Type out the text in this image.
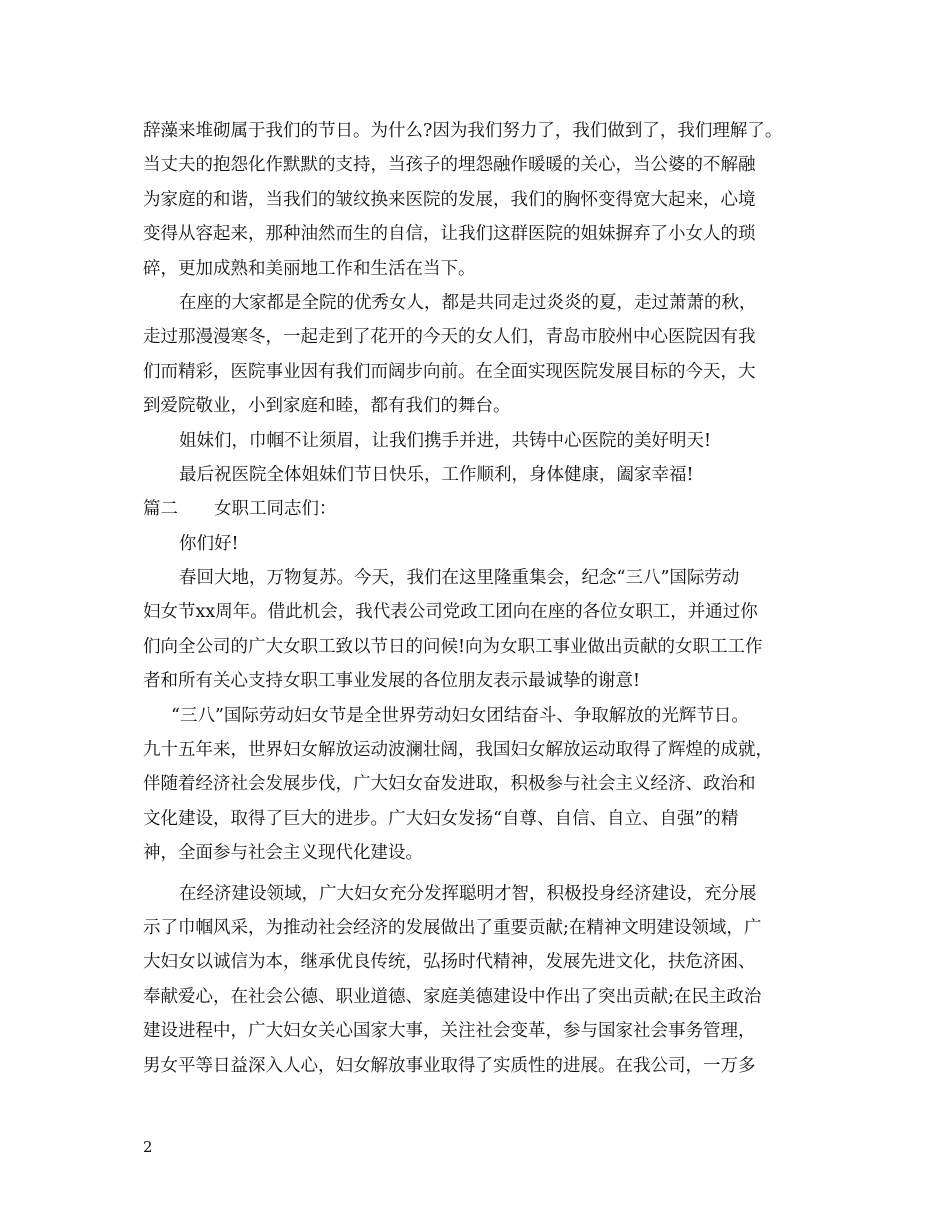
辞藻来堆砌属于我们的节日。为什么?因为我们努力了，我们做到了，我们理解了。
当丈夫的抱怨化作默默的支持，当孩子的埋怨融作暖暖的关心，当公婆的不解融
为家庭的和谐，当我们的皱纹换来医院的发展，我们的胸怀变得宽大起来，心境
变得从容起来，那种油然而生的自信，让我们这群医院的姐妹摒弃了小女人的琐
碎，更加成熟和美丽地工作和生活在当下。
在座的大家都是全院的优秀女人，都是共同走过炎炎的夏，走过萧萧的秋，
走过那漫漫寒冬，一起走到了花开的今天的女人们，青岛市胶州中心医院因有我
们而精彩，医院事业因有我们而阔步向前。在全面实现医院发展目标的今天，大
到爱院敬业，小到家庭和睦，都有我们的舞台。
姐妹们，巾帼不让须眉，让我们携手并进，共铸中心医院的美好明天!
最后祝医院全体姐妹们节日快乐，工作顺利，身体健康，阖家幸福!
篇二 女职工同志们：
你们好!
春回大地，万物复苏。今天，我们在这里隆重集会，纪念“三八”国际劳动
妇女节xx周年。借此机会，我代表公司党政工团向在座的各位女职工，并通过你
们向全公司的广大女职工致以节日的问候!向为女职工事业做出贡献的女职工工作
者和所有关心支持女职工事业发展的各位朋友表示最诚挚的谢意!
“三八”国际劳动妇女节是全世界劳动妇女团结奋斗、争取解放的光辉节日。
九十五年来，世界妇女解放运动波澜壮阔，我国妇女解放运动取得了辉煌的成就，
伴随着经济社会发展步伐，广大妇女奋发进取，积极参与社会主义经济、政治和
文化建设，取得了巨大的进步。广大妇女发扬“自尊、自信、自立、自强”的精
神，全面参与社会主义现代化建设。
在经济建设领域，广大妇女充分发挥聪明才智，积极投身经济建设，充分展
示了巾帼风采，为推动社会经济的发展做出了重要贡献;在精神文明建设领域，广
大妇女以诚信为本，继承优良传统，弘扬时代精神，发展先进文化，扶危济困、
奉献爱心，在社会公德、职业道德、家庭美德建设中作出了突出贡献;在民主政治
建设进程中，广大妇女关心国家大事，关注社会变革，参与国家社会事务管理，
男女平等日益深入人心，妇女解放事业取得了实质性的进展。在我公司，一万多
2
